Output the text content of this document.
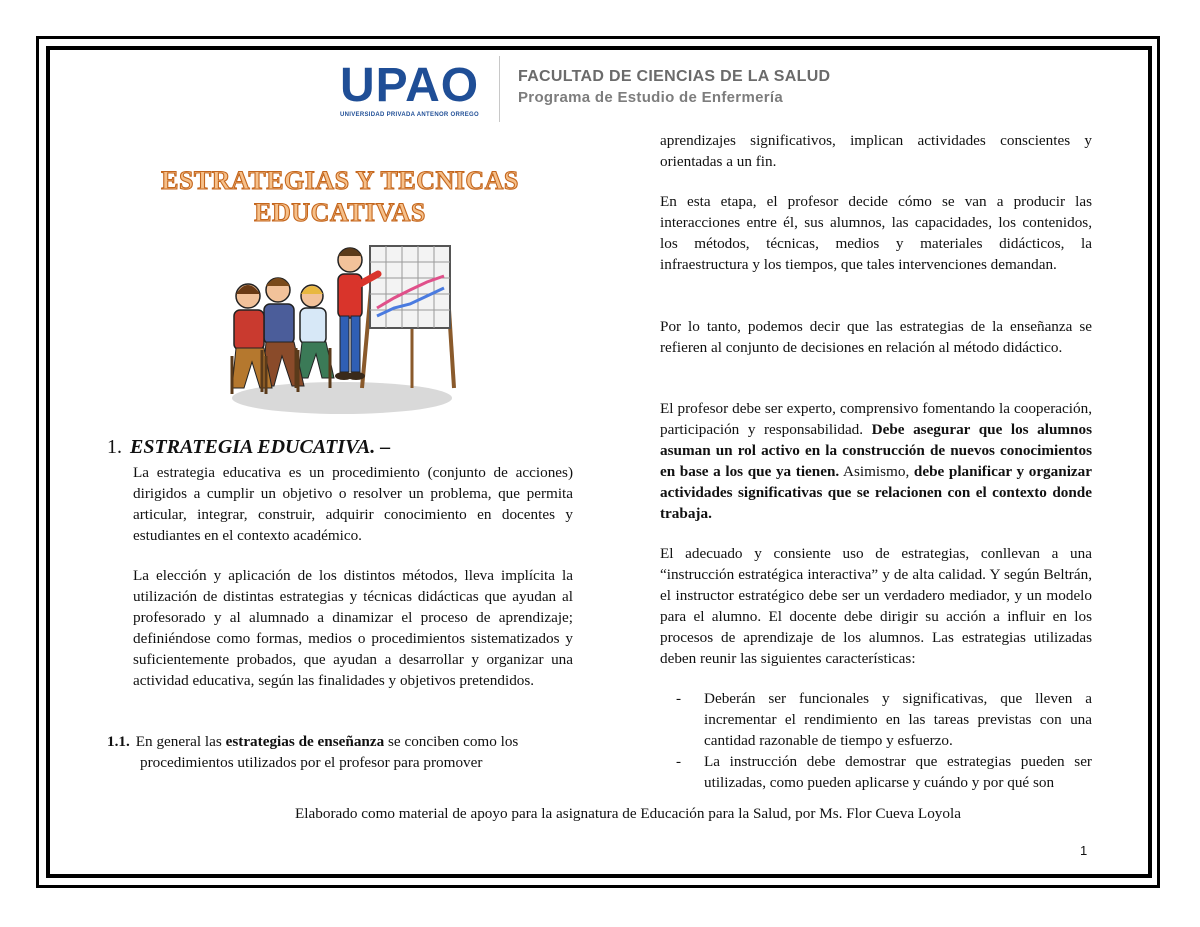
UPAO
UNIVERSIDAD PRIVADA ANTENOR ORREGO
FACULTAD DE CIENCIAS DE LA SALUD
Programa de Estudio de Enfermería
ESTRATEGIAS Y TECNICAS
EDUCATIVAS
1. ESTRATEGIA EDUCATIVA. –
La estrategia educativa es un procedimiento (conjunto de acciones) dirigidos a cumplir un objetivo o resolver un problema, que permita articular, integrar, construir, adquirir conocimiento en docentes y estudiantes en el contexto académico.
La elección y aplicación de los distintos métodos, lleva implícita la utilización de distintas estrategias y técnicas didácticas que ayudan al profesorado y al alumnado a dinamizar el proceso de aprendizaje; definiéndose como formas, medios o procedimientos sistematizados y suficientemente probados, que ayudan a desarrollar y organizar una actividad educativa, según las finalidades y objetivos pretendidos.
1.1. En general las estrategias de enseñanza se conciben como los
procedimientos utilizados por el profesor para promover
aprendizajes significativos, implican actividades conscientes y orientadas a un fin.
En esta etapa, el profesor decide cómo se van a producir las interacciones entre él, sus alumnos, las capacidades, los contenidos, los métodos, técnicas, medios y materiales didácticos, la infraestructura y los tiempos, que tales intervenciones demandan.
Por lo tanto, podemos decir que las estrategias de la enseñanza se refieren al conjunto de decisiones en relación al método didáctico.
El profesor debe ser experto, comprensivo fomentando la cooperación, participación y responsabilidad. Debe asegurar que los alumnos asuman un rol activo en la construcción de nuevos conocimientos en base a los que ya tienen. Asimismo, debe planificar y organizar actividades significativas que se relacionen con el contexto donde trabaja.
El adecuado y consiente uso de estrategias, conllevan a una “instrucción estratégica interactiva” y de alta calidad. Y según Beltrán, el instructor estratégico debe ser un verdadero mediador, y un modelo para el alumno. El docente debe dirigir su acción a influir en los procesos de aprendizaje de los alumnos. Las estrategias utilizadas deben reunir las siguientes características:
- Deberán ser funcionales y significativas, que lleven a incrementar el rendimiento en las tareas previstas con una cantidad razonable de tiempo y esfuerzo.
- La instrucción debe demostrar que estrategias pueden ser utilizadas, como pueden aplicarse y cuándo y por qué son
Elaborado como material de apoyo para la asignatura de Educación para la Salud, por Ms. Flor Cueva Loyola
1
